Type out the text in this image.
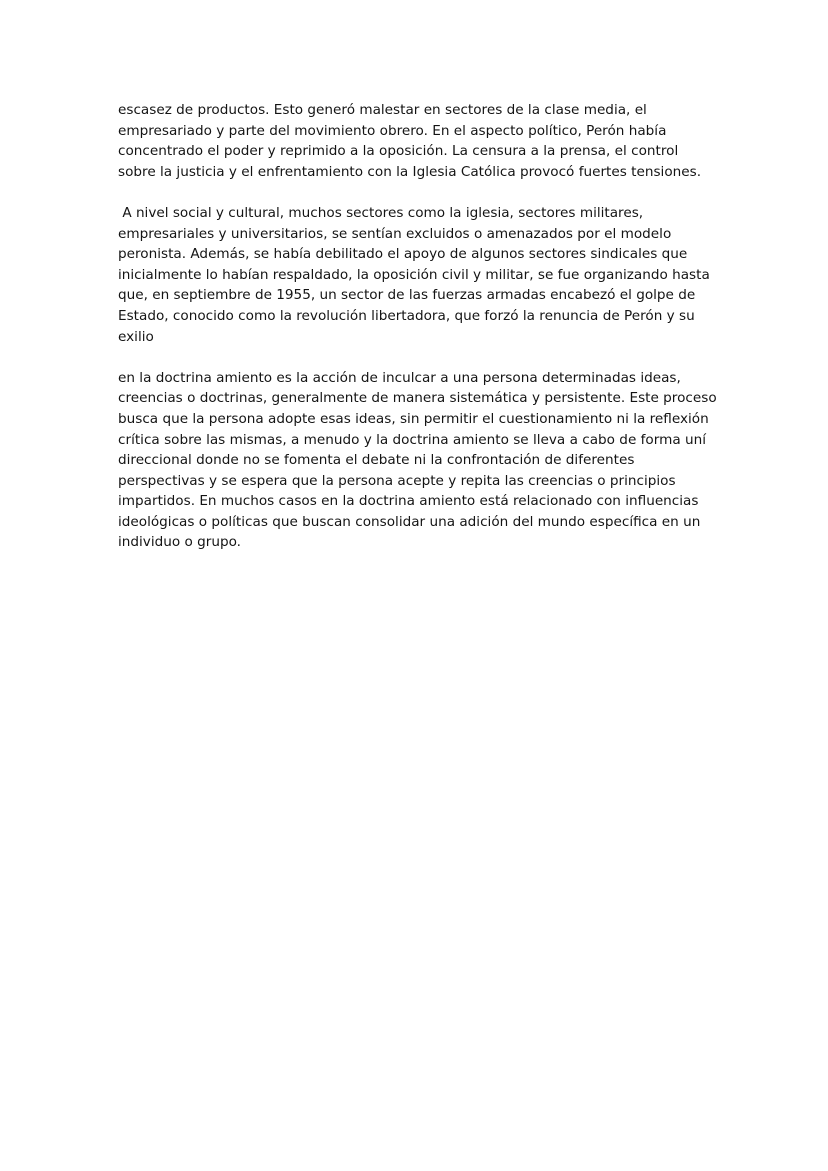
escasez de productos. Esto generó malestar en sectores de la clase media, el
empresariado y parte del movimiento obrero. En el aspecto político, Perón había
concentrado el poder y reprimido a la oposición. La censura a la prensa, el control
sobre la justicia y el enfrentamiento con la Iglesia Católica provocó fuertes tensiones.

A nivel social y cultural, muchos sectores como la iglesia, sectores militares,
empresariales y universitarios, se sentían excluidos o amenazados por el modelo
peronista. Además, se había debilitado el apoyo de algunos sectores sindicales que
inicialmente lo habían respaldado, la oposición civil y militar, se fue organizando hasta
que, en septiembre de 1955, un sector de las fuerzas armadas encabezó el golpe de
Estado, conocido como la revolución libertadora, que forzó la renuncia de Perón y su
exilio

en la doctrina amiento es la acción de inculcar a una persona determinadas ideas,
creencias o doctrinas, generalmente de manera sistemática y persistente. Este proceso
busca que la persona adopte esas ideas, sin permitir el cuestionamiento ni la reflexión
crítica sobre las mismas, a menudo y la doctrina amiento se lleva a cabo de forma uní
direccional donde no se fomenta el debate ni la confrontación de diferentes
perspectivas y se espera que la persona acepte y repita las creencias o principios
impartidos. En muchos casos en la doctrina amiento está relacionado con influencias
ideológicas o políticas que buscan consolidar una adición del mundo específica en un
individuo o grupo.
